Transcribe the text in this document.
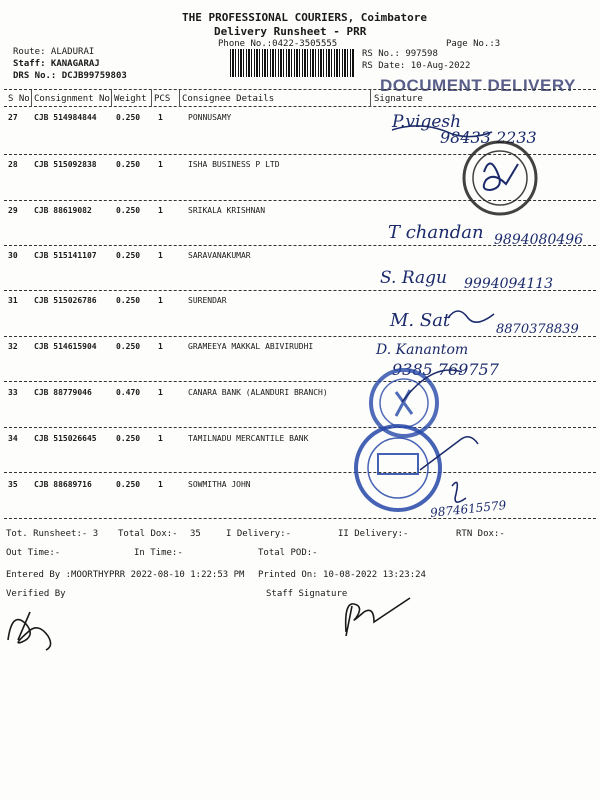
THE PROFESSIONAL COURIERS, Coimbatore
Delivery Runsheet - PRR
Phone No.:0422-3505555	Page No.:3
Route: ALADURAI
Staff: KANAGARAJ
DRS No.: DCJB99759803
RS No.: 997598
RS Date: 10-Aug-2022
DOCUMENT DELIVERY
S No Consignment No Weight PCS Consignee Details	Signature
27 CJB 514984844 0.250 1	PONNUSAMY	P.vigesh
98433 2233
28 CJB 515092838 0.250 1	ISHA BUSINESS P LTD
29 CJB 88619082	0.250 1	SRIKALA KRISHNAN
T chandan 9894080496
30 CJB 515141107 0.250 1	SARAVANAKUMAR
S. Ragu 9994094113
31 CJB 515026786 0.250 1	SURENDAR
M. Sat	8870378839
32 CJB 514615904 0.250 1	GRAMEEYA MAKKAL ABIVIRUDHI	D. Kanantom
9385 769757
33 CJB 88779046	0.470 1	CANARA BANK (ALANDURI BRANCH)
34 CJB 515026645 0.250 1	TAMILNADU MERCANTILE BANK
35 CJB 88689716	0.250 1	SOWMITHA JOHN
9874615579
Tot. Runsheet:- 3 Total Dox:- 35	I Delivery:-	II Delivery:-	RTN Dox:-
Out Time:-	In Time:-	Total POD:-
Entered By :MOORTHYPRR 2022-08-10 1:22:53 PM Printed On: 10-08-2022 13:23:24
Verified By	Staff Signature
